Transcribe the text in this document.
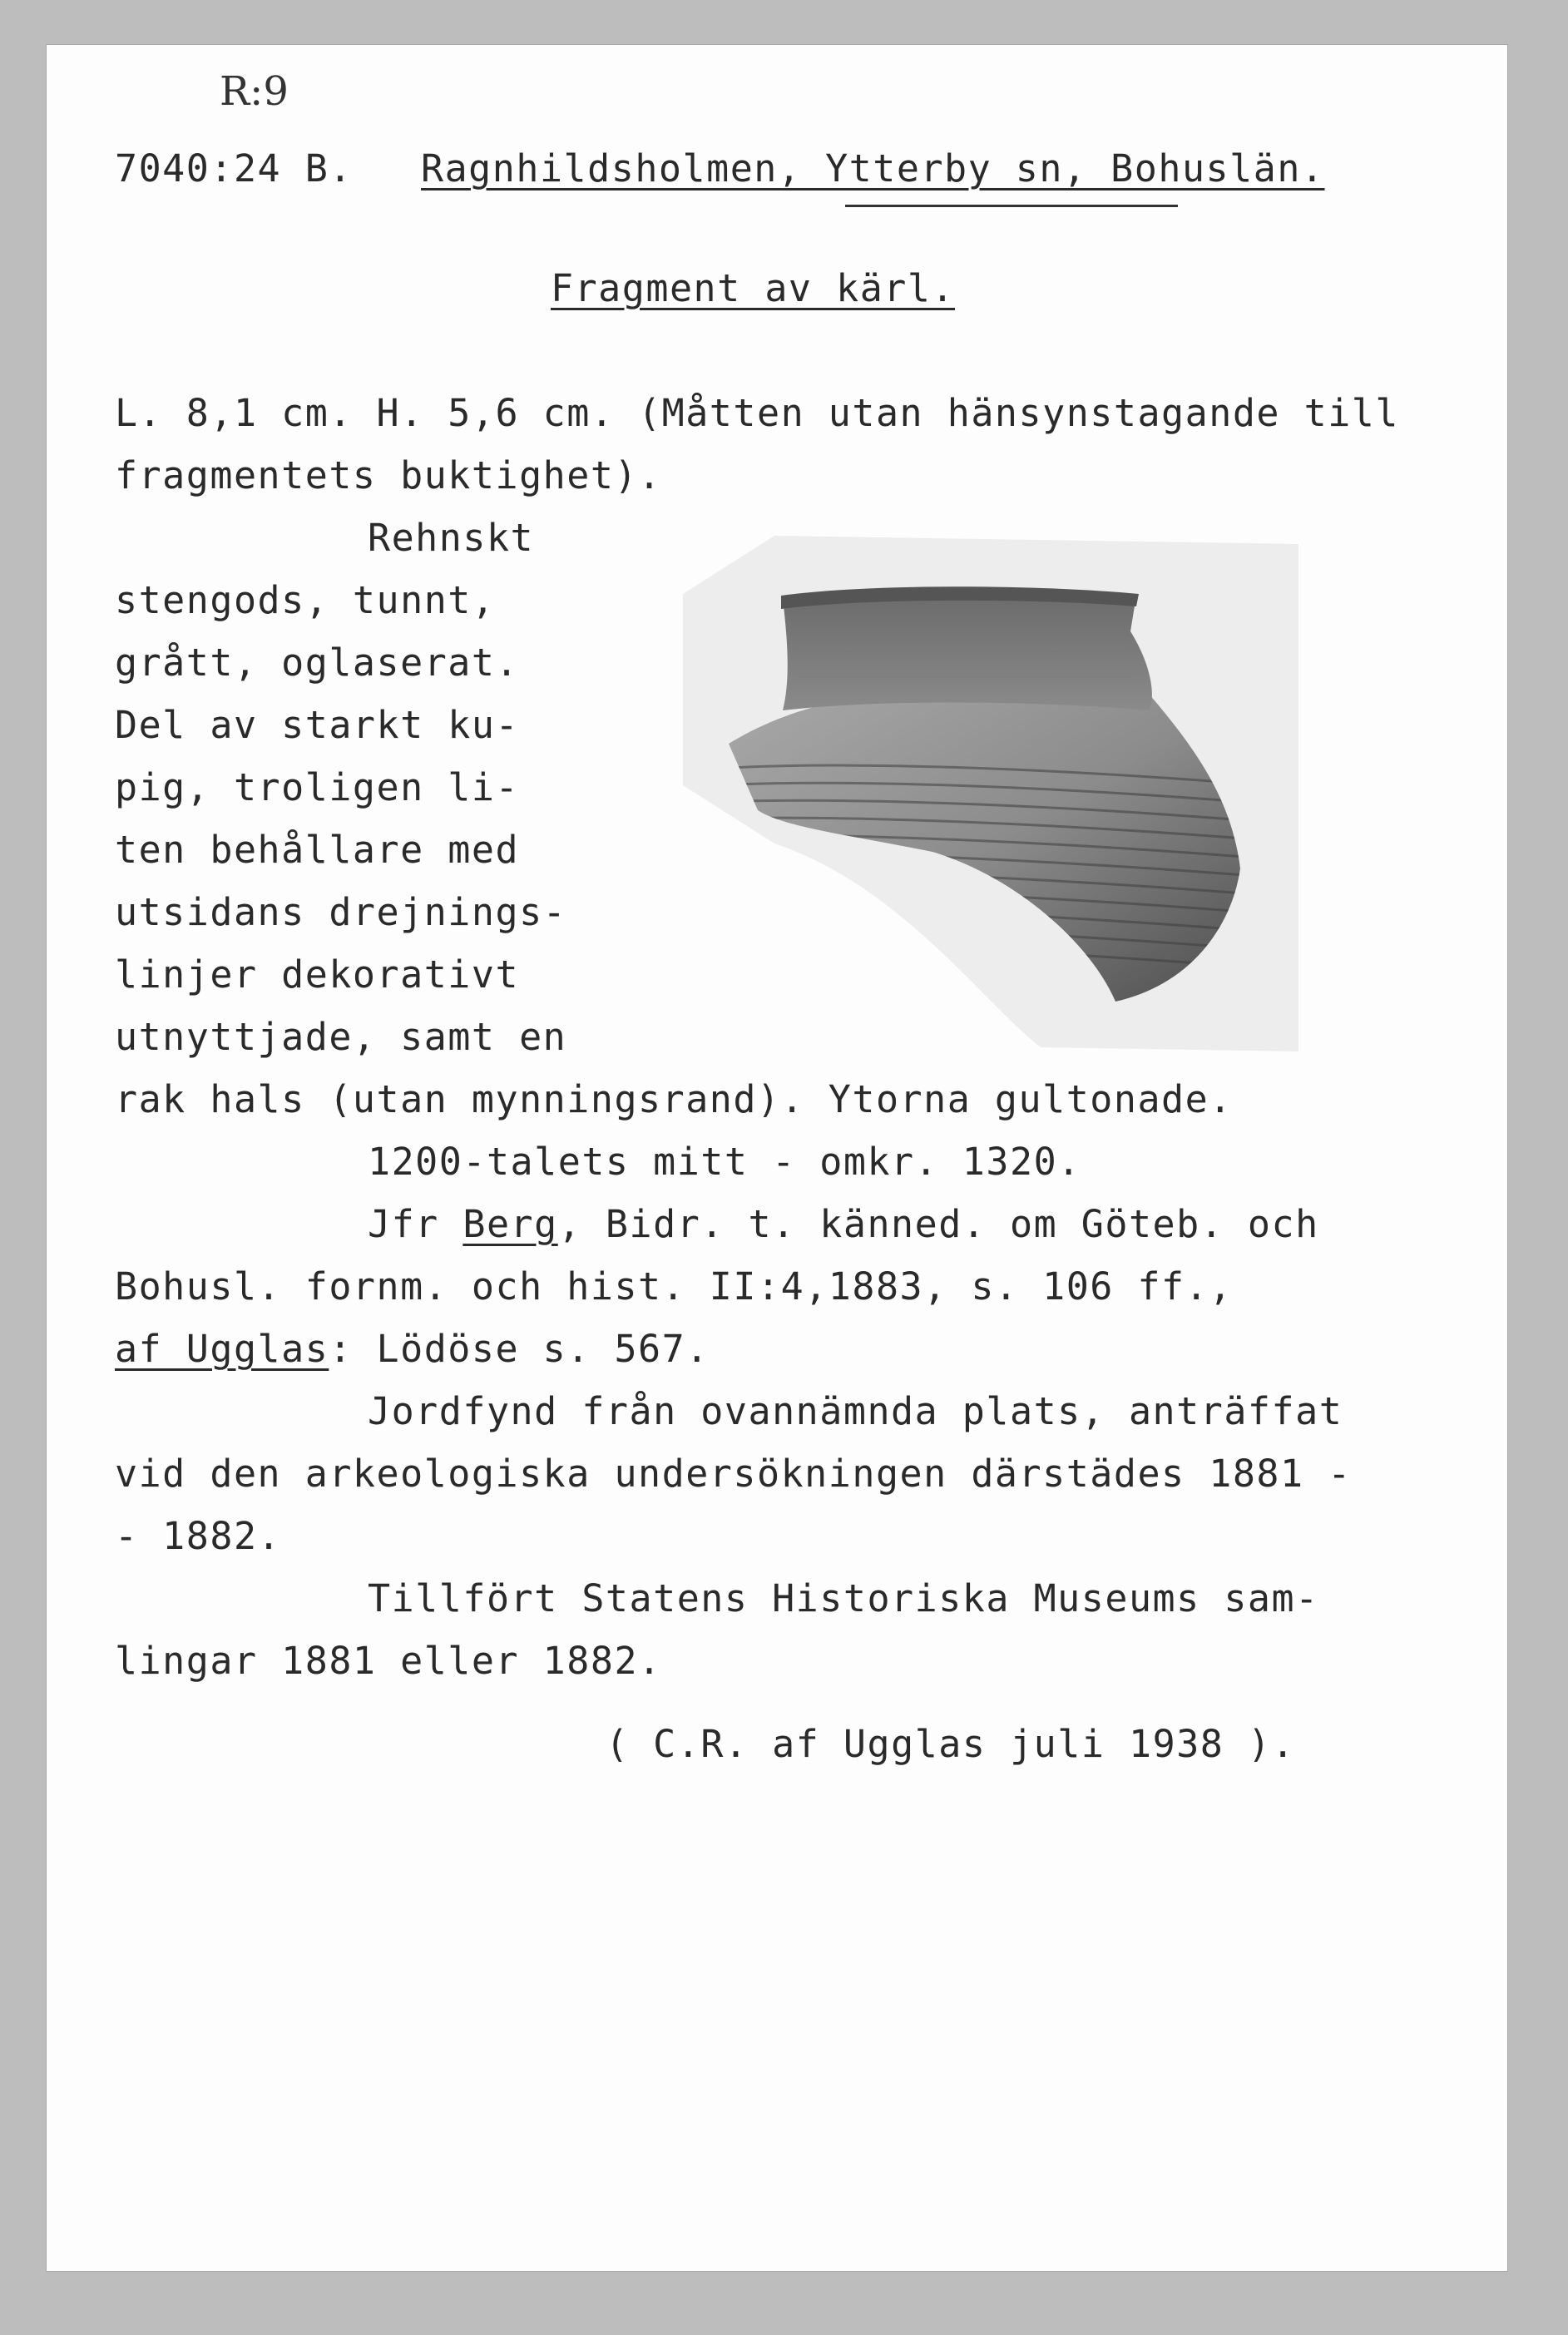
R:9
7040:24 B. Ragnhildsholmen, Ytterby sn, Bohuslän.
Fragment av kärl.
L. 8,1 cm. H. 5,6 cm. (Måtten utan hänsynstagande till
fragmentets buktighet).
Rehnskt
stengods, tunnt,
grått, oglaserat.
Del av starkt ku-
pig, troligen li-
ten behållare med
utsidans drejnings-
linjer dekorativt
utnyttjade, samt en
rak hals (utan mynningsrand). Ytorna gultonade.
1200-talets mitt - omkr. 1320.
Jfr Berg, Bidr. t. känned. om Göteb. och
Bohusl. fornm. och hist. II:4,1883, s. 106 ff.,
af Ugglas: Lödöse s. 567.
Jordfynd från ovannämnda plats, anträffat
vid den arkeologiska undersökningen därstädes 1881 -
- 1882.
Tillfört Statens Historiska Museums sam-
lingar 1881 eller 1882.
( C.R. af Ugglas juli 1938 ).
